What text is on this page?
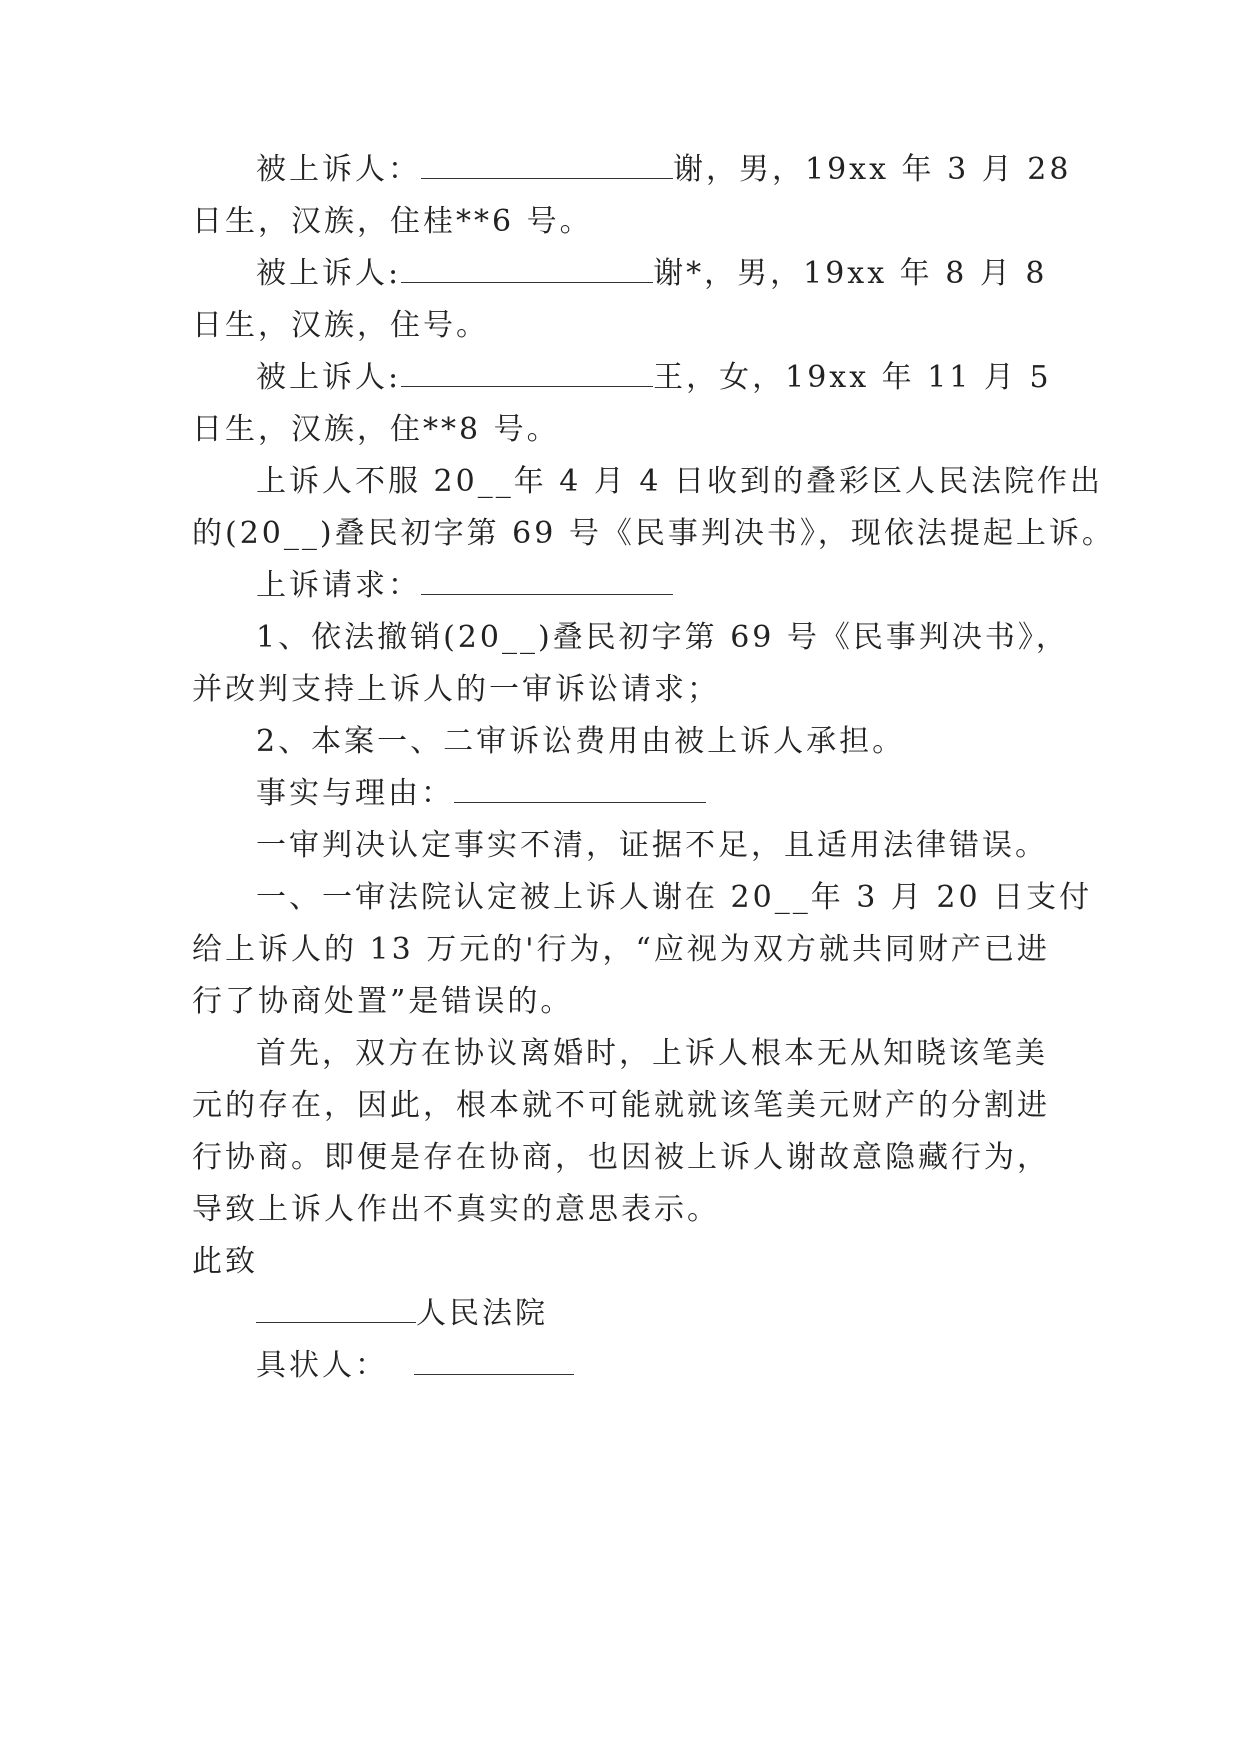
被上诉人：	谢，男，19xx 年 3 月 28
日生，汉族，住桂**6 号。
被上诉人:	谢*，男，19xx 年 8 月 8
日生，汉族，住号。
被上诉人:	王，女，19xx 年 11 月 5
日生，汉族，住**8 号。
上诉人不服 20__年 4 月 4 日收到的叠彩区人民法院作出
的(20__)叠民初字第 69 号《民事判决书》，现依法提起上诉。
上诉请求：
1、依法撤销(20__)叠民初字第 69 号《民事判决书》，
并改判支持上诉人的一审诉讼请求；
2、本案一、二审诉讼费用由被上诉人承担。
事实与理由：
一审判决认定事实不清，证据不足，且适用法律错误。
一、一审法院认定被上诉人谢在 20__年 3 月 20 日支付
给上诉人的 13 万元的'行为，“应视为双方就共同财产已进
行了协商处置”是错误的。
首先，双方在协议离婚时，上诉人根本无从知晓该笔美
元的存在，因此，根本就不可能就就该笔美元财产的分割进
行协商。即便是存在协商，也因被上诉人谢故意隐藏行为，
导致上诉人作出不真实的意思表示。
此致
人民法院
具状人：
